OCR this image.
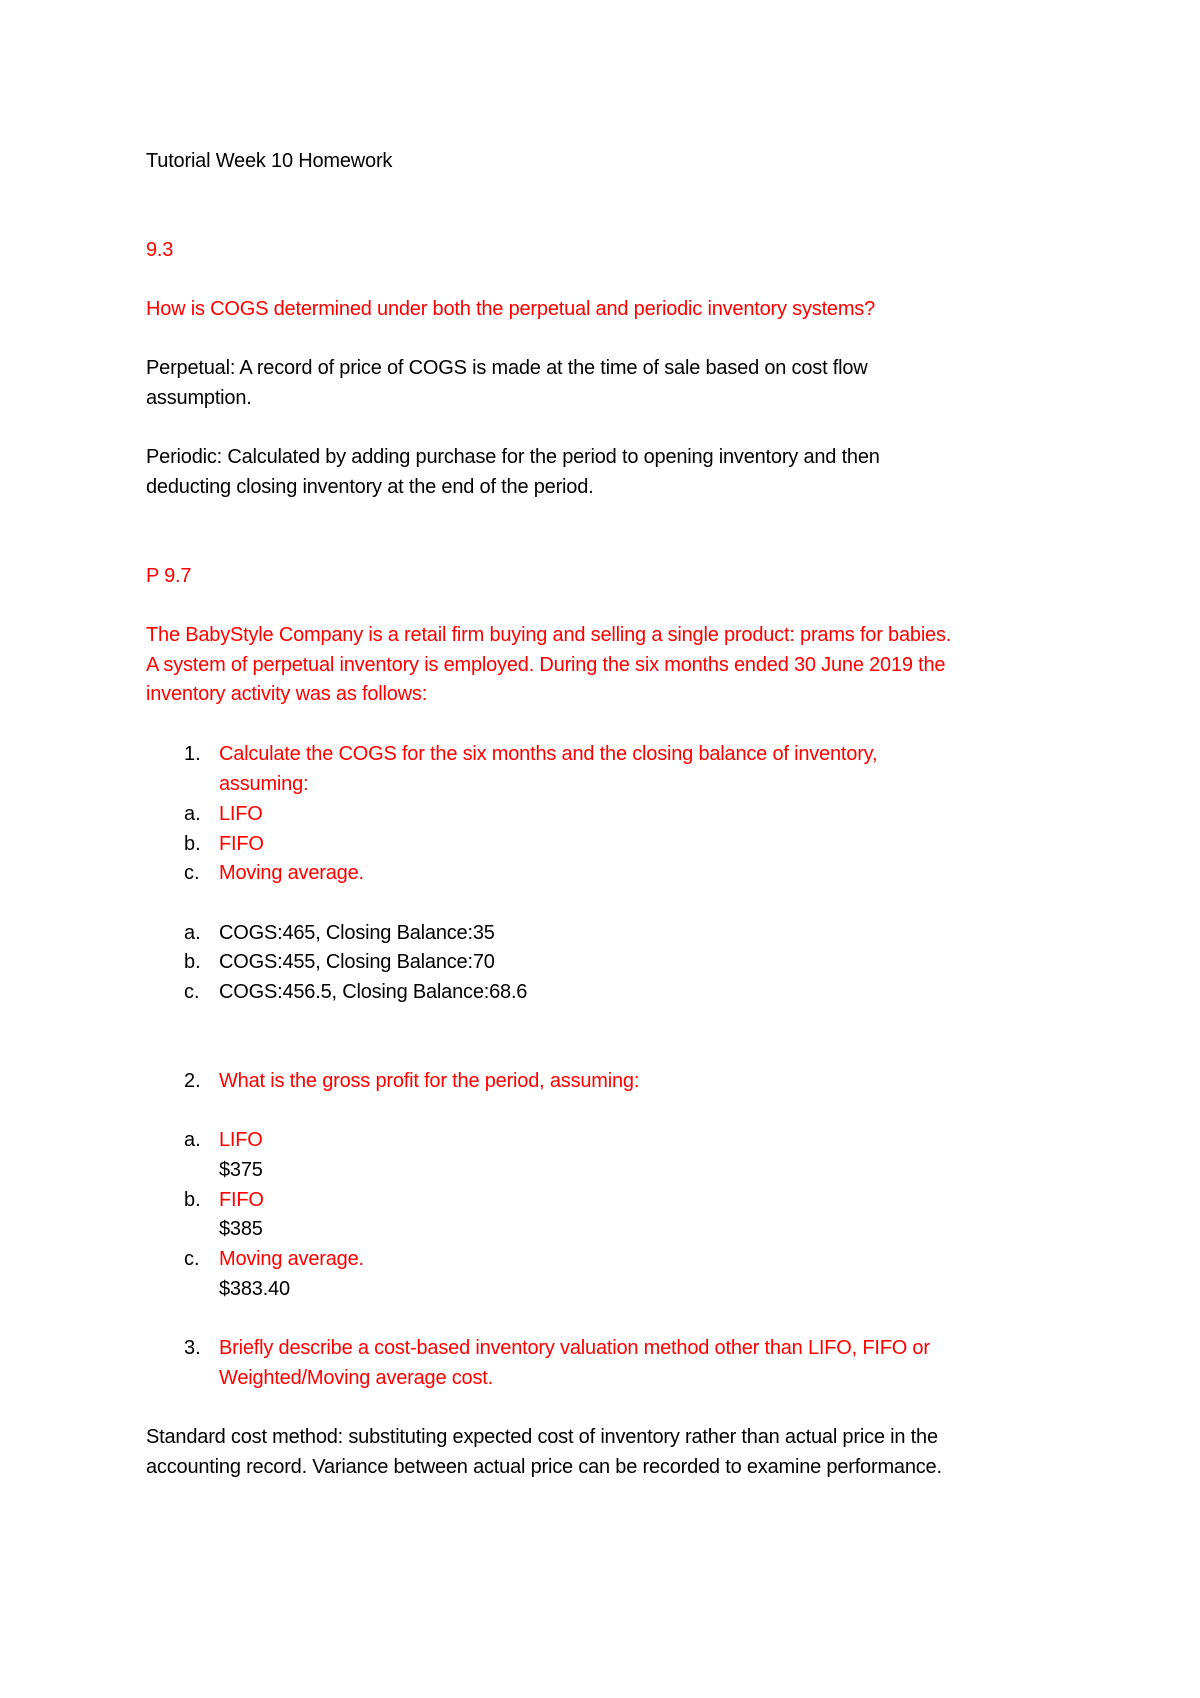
Tutorial Week 10 Homework
9.3
How is COGS determined under both the perpetual and periodic inventory systems?
Perpetual: A record of price of COGS is made at the time of sale based on cost flow
assumption.
Periodic: Calculated by adding purchase for the period to opening inventory and then
deducting closing inventory at the end of the period.
P 9.7
The BabyStyle Company is a retail firm buying and selling a single product: prams for babies.
A system of perpetual inventory is employed. During the six months ended 30 June 2019 the
inventory activity was as follows:
1. Calculate the COGS for the six months and the closing balance of inventory,
assuming:
a. LIFO
b. FIFO
c. Moving average.
a. COGS:465, Closing Balance:35
b. COGS:455, Closing Balance:70
c. COGS:456.5, Closing Balance:68.6
2. What is the gross profit for the period, assuming:
a. LIFO
$375
b. FIFO
$385
c. Moving average.
$383.40
3. Briefly describe a cost-based inventory valuation method other than LIFO, FIFO or
Weighted/Moving average cost.
Standard cost method: substituting expected cost of inventory rather than actual price in the
accounting record. Variance between actual price can be recorded to examine performance.
